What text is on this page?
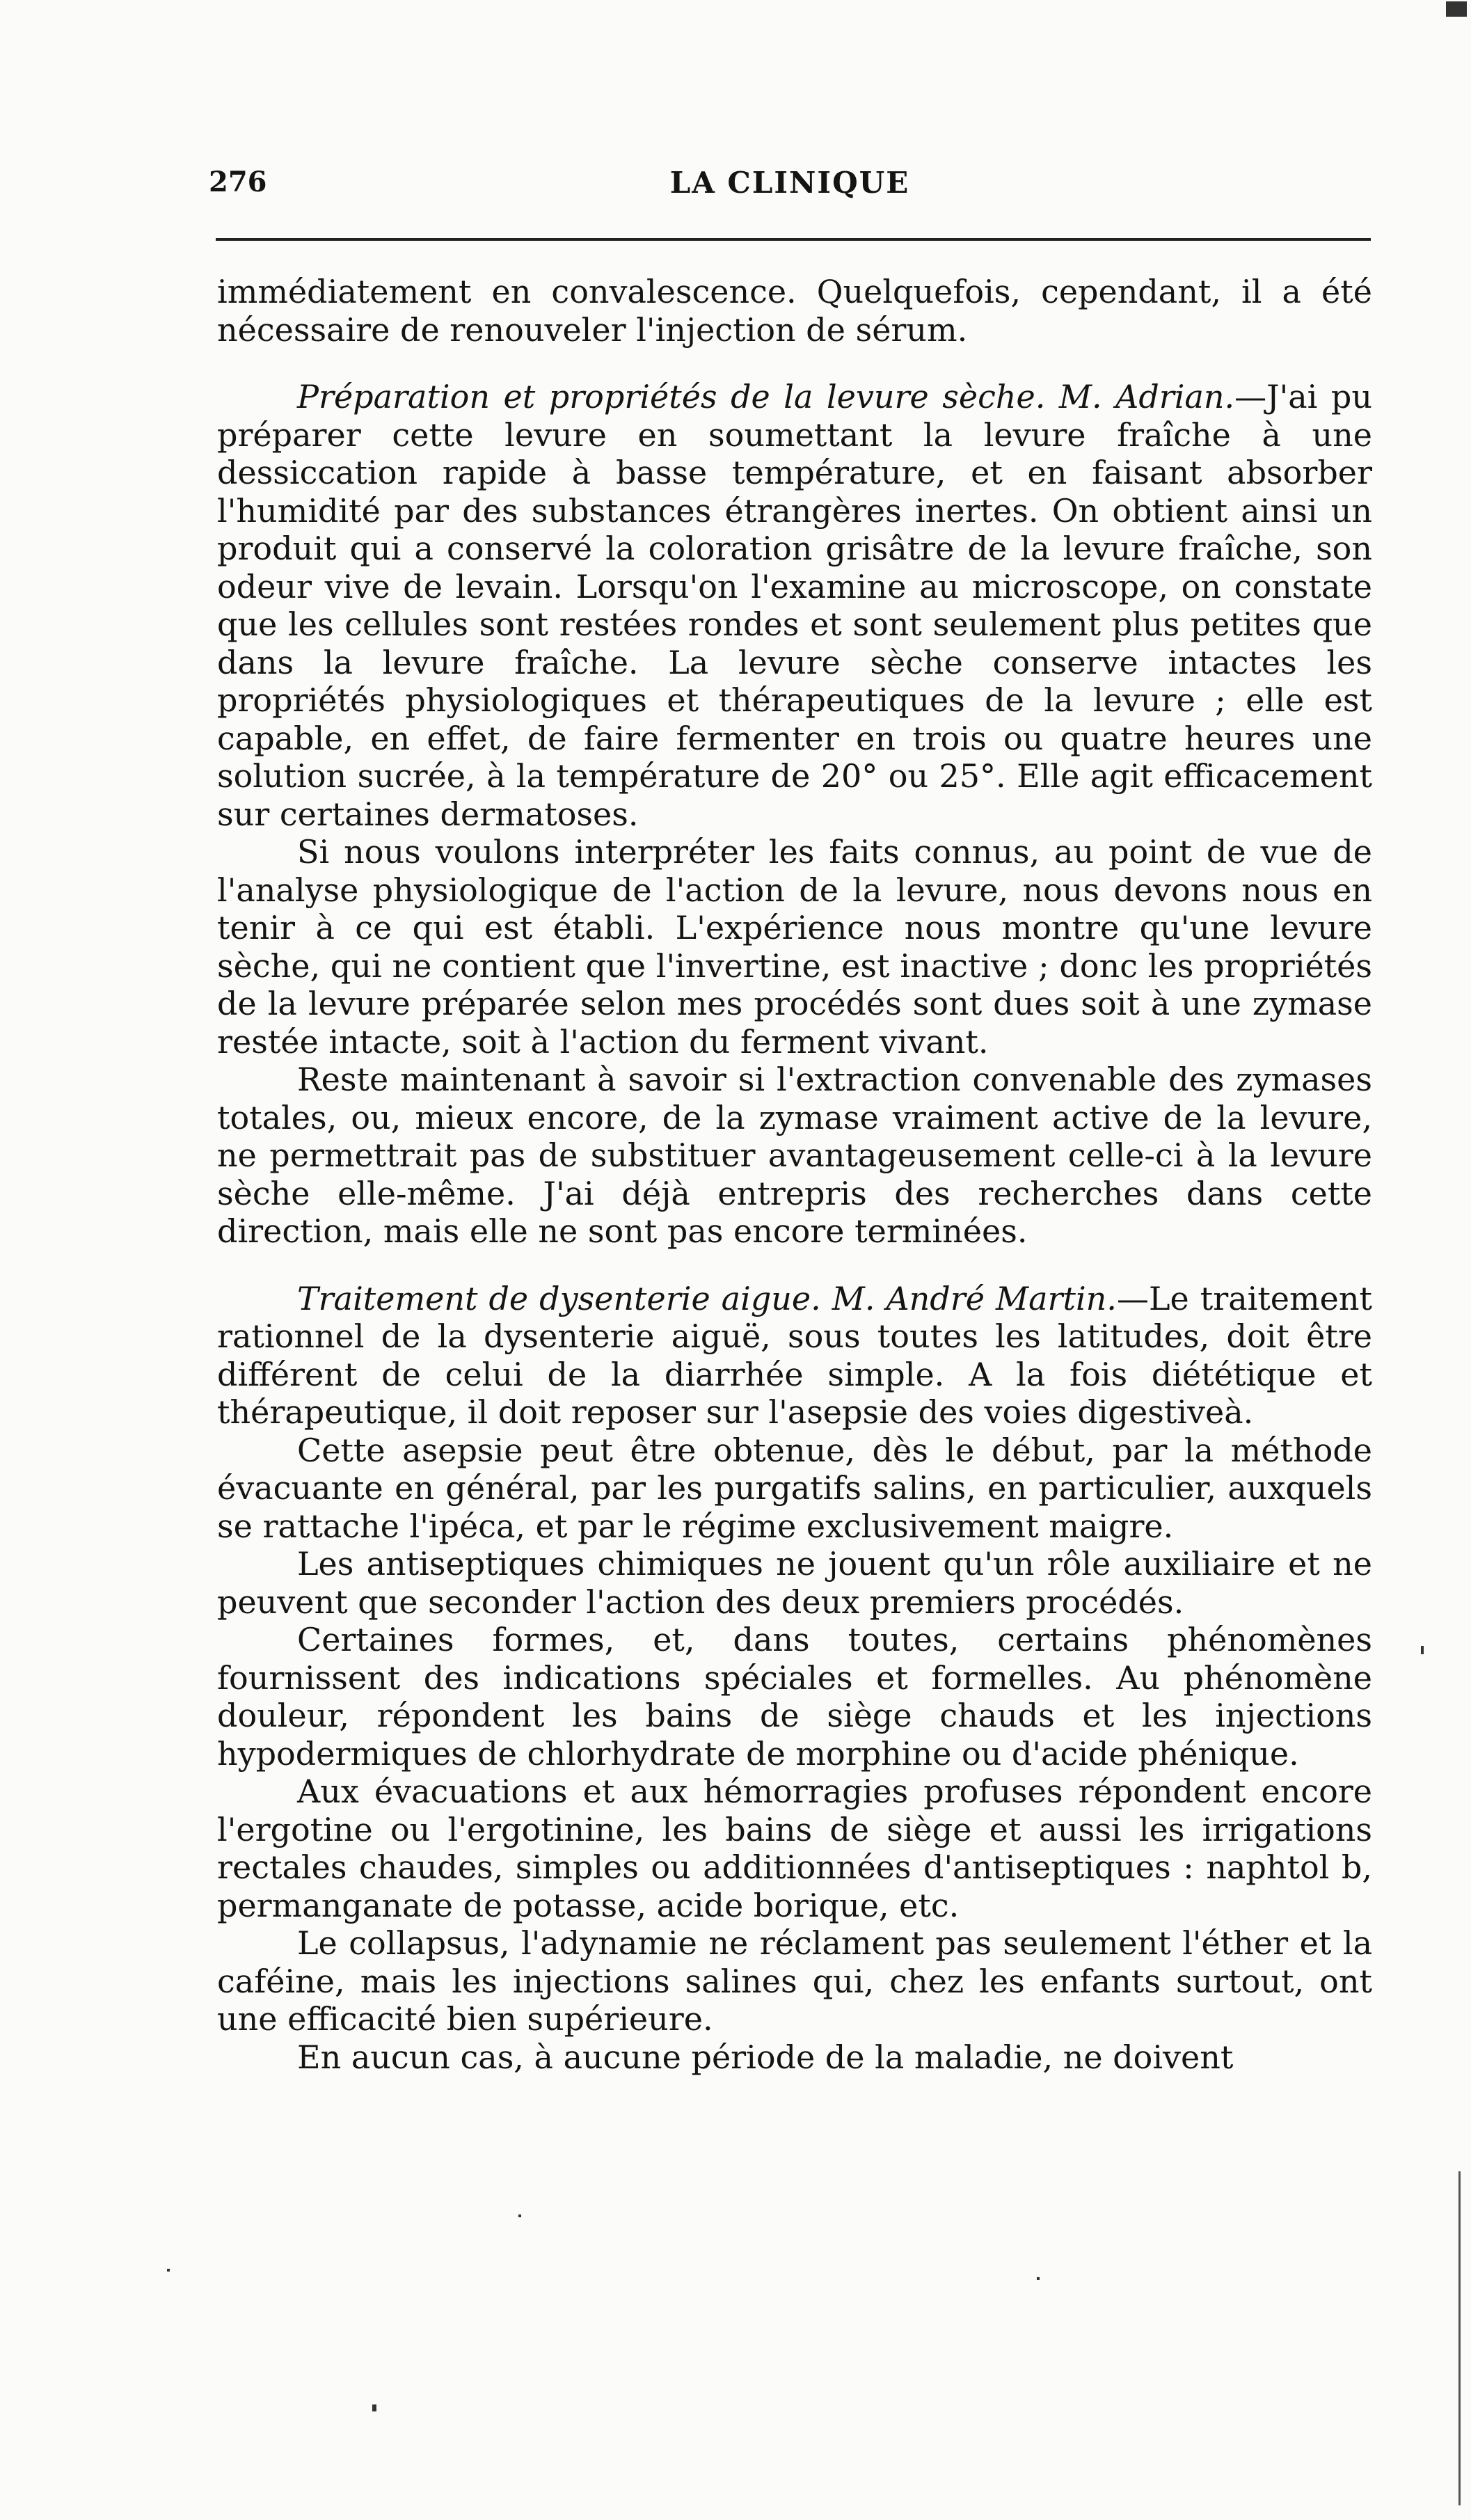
276	LA CLINIQUE

immédiatement en convalescence. Quelquefois, cependant, il a été nécessaire de renouveler l'injection de sérum.

Préparation et propriétés de la levure sèche. M. Adrian.—J'ai pu préparer cette levure en soumettant la levure fraîche à une dessiccation rapide à basse température, et en faisant absorber l'humidité par des substances étrangères inertes. On obtient ainsi un produit qui a conservé la coloration grisâtre de la levure fraîche, son odeur vive de levain. Lorsqu'on l'examine au microscope, on constate que les cellules sont restées rondes et sont seulement plus petites que dans la levure fraîche. La levure sèche conserve intactes les propriétés physiologiques et thérapeutiques de la levure ; elle est capable, en effet, de faire fermenter en trois ou quatre heures une solution sucrée, à la température de 20° ou 25°. Elle agit efficacement sur certaines dermatoses.

Si nous voulons interpréter les faits connus, au point de vue de l'analyse physiologique de l'action de la levure, nous devons nous en tenir à ce qui est établi. L'expérience nous montre qu'une levure sèche, qui ne contient que l'invertine, est inactive ; donc les propriétés de la levure préparée selon mes procédés sont dues soit à une zymase restée intacte, soit à l'action du ferment vivant.

Reste maintenant à savoir si l'extraction convenable des zymases totales, ou, mieux encore, de la zymase vraiment active de la levure, ne permettrait pas de substituer avantageusement celle-ci à la levure sèche elle-même. J'ai déjà entrepris des recherches dans cette direction, mais elle ne sont pas encore terminées.

Traitement de dysenterie aigue. M. André Martin.—Le traitement rationnel de la dysenterie aiguë, sous toutes les latitudes, doit être différent de celui de la diarrhée simple. A la fois diététique et thérapeutique, il doit reposer sur l'asepsie des voies digestiveà.

Cette asepsie peut être obtenue, dès le début, par la méthode évacuante en général, par les purgatifs salins, en particulier, auxquels se rattache l'ipéca, et par le régime exclusivement maigre.

Les antiseptiques chimiques ne jouent qu'un rôle auxiliaire et ne peuvent que seconder l'action des deux premiers procédés.

Certaines formes, et, dans toutes, certains phénomènes fournissent des indications spéciales et formelles. Au phénomène douleur, répondent les bains de siège chauds et les injections hypodermiques de chlorhydrate de morphine ou d'acide phénique.

Aux évacuations et aux hémorragies profuses répondent encore l'ergotine ou l'ergotinine, les bains de siège et aussi les irrigations rectales chaudes, simples ou additionnées d'antiseptiques : naphtol b, permanganate de potasse, acide borique, etc.

Le collapsus, l'adynamie ne réclament pas seulement l'éther et la caféine, mais les injections salines qui, chez les enfants surtout, ont une efficacité bien supérieure.

En aucun cas, à aucune période de la maladie, ne doivent
